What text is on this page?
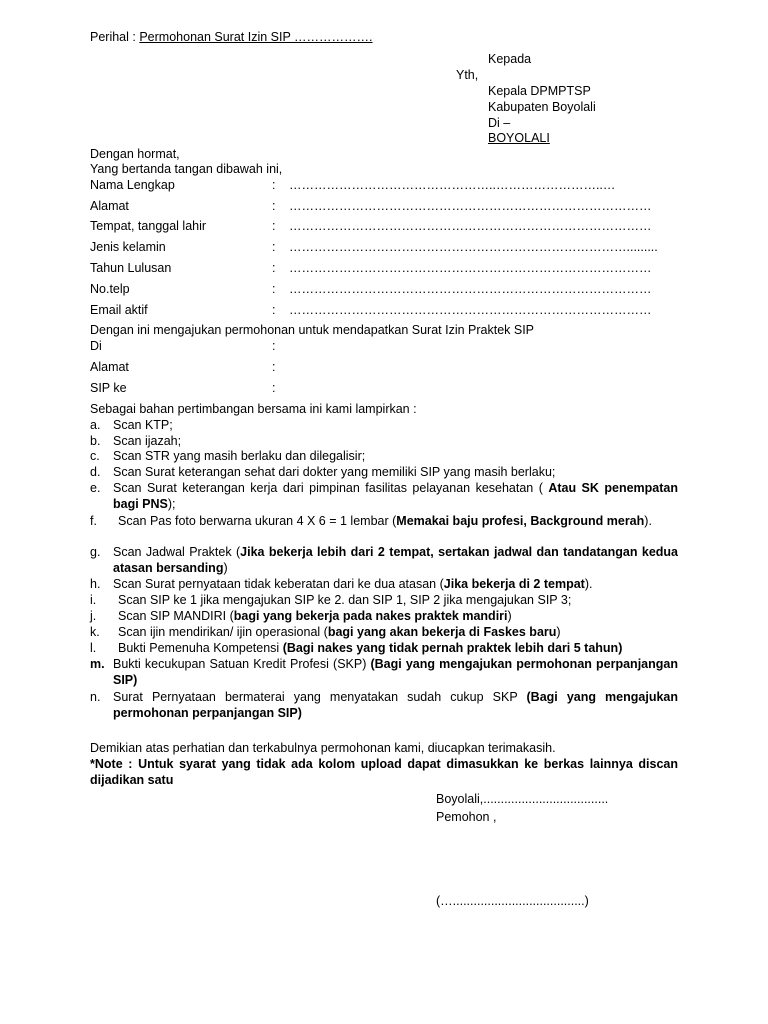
Perihal : Permohonan Surat Izin SIP ……………….
Kepada
Yth,
Kepala DPMPTSP
Kabupaten Boyolali
Di –
BOYOLALI
Dengan hormat,
Yang bertanda tangan dibawah ini,
Nama Lengkap	: …………………………………………..……………………..…
Alamat	: ……………………………………………………………………………
Tempat, tanggal lahir	: ……………………………………………………………………………
Jenis kelamin	: ……………………………………………………………………….........
Tahun Lulusan	: ……………………………………………………………………………
No.telp	: ……………………………………………………………………………
Email aktif	: ……………………………………………………………………………
Dengan ini mengajukan permohonan untuk mendapatkan Surat Izin Praktek SIP
Di	:
Alamat	:
SIP ke	:
Sebagai bahan pertimbangan bersama ini kami lampirkan :
a. Scan KTP;
b. Scan ijazah;
c. Scan STR yang masih berlaku dan dilegalisir;
d. Scan Surat keterangan sehat dari dokter yang memiliki SIP yang masih berlaku;
e. Scan Surat keterangan kerja dari pimpinan fasilitas pelayanan kesehatan ( Atau SK penempatan bagi PNS);
f. Scan Pas foto berwarna ukuran 4 X 6 = 1 lembar (Memakai baju profesi, Background merah).
g. Scan Jadwal Praktek (Jika bekerja lebih dari 2 tempat, sertakan jadwal dan tandatangan kedua atasan bersanding)
h. Scan Surat pernyataan tidak keberatan dari ke dua atasan (Jika bekerja di 2 tempat).
i. Scan SIP ke 1 jika mengajukan SIP ke 2. dan SIP 1, SIP 2 jika mengajukan SIP 3;
j. Scan SIP MANDIRI (bagi yang bekerja pada nakes praktek mandiri)
k. Scan ijin mendirikan/ ijin operasional (bagi yang akan bekerja di Faskes baru)
l. Bukti Pemenuha Kompetensi (Bagi nakes yang tidak pernah praktek lebih dari 5 tahun)
m. Bukti kecukupan Satuan Kredit Profesi (SKP) (Bagi yang mengajukan permohonan perpanjangan SIP)
n. Surat Pernyataan bermaterai yang menyatakan sudah cukup SKP (Bagi yang mengajukan permohonan perpanjangan SIP)
Demikian atas perhatian dan terkabulnya permohonan kami, diucapkan terimakasih.
*Note : Untuk syarat yang tidak ada kolom upload dapat dimasukkan ke berkas lainnya discan dijadikan satu
Boyolali,....................................
Pemohon ,
(…......................................)
